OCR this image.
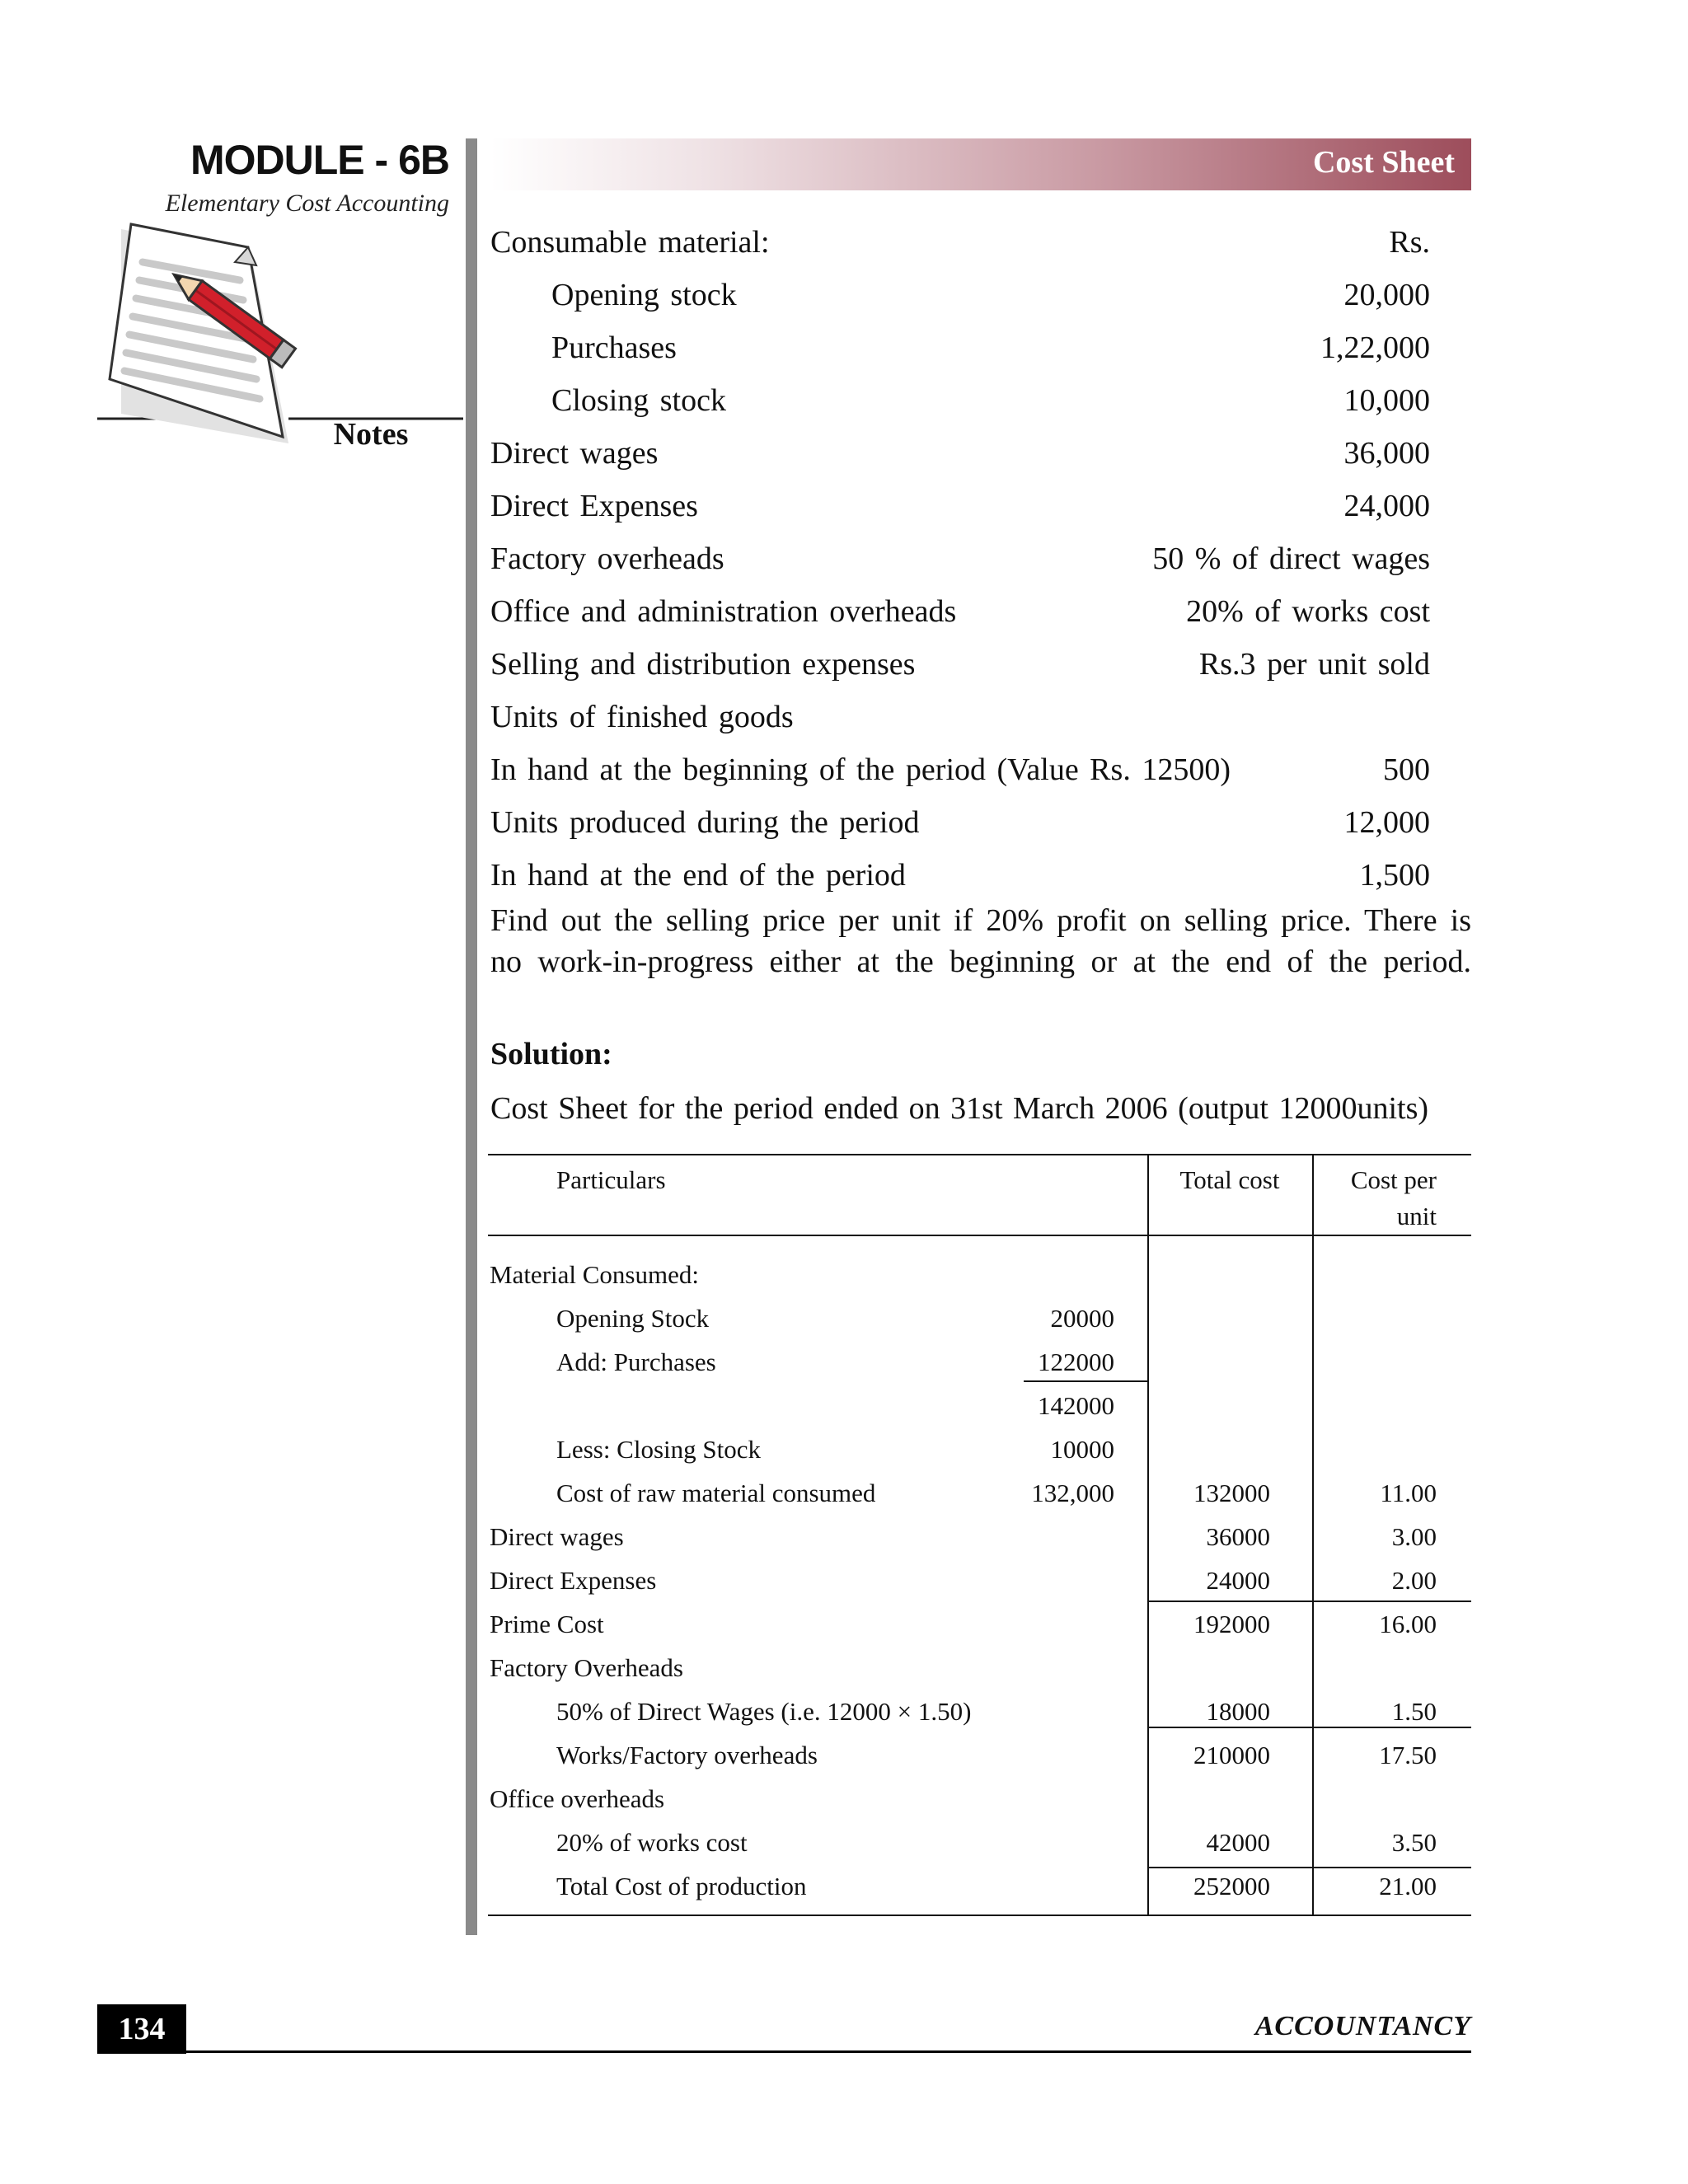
MODULE - 6B
Elementary Cost Accounting
Notes
Cost Sheet
Consumable material:	Rs.
Opening stock	20,000
Purchases	1,22,000
Closing stock	10,000
Direct wages	36,000
Direct Expenses	24,000
Factory overheads	50 % of direct wages
Office and administration overheads	20% of works cost
Selling and distribution expenses	Rs.3 per unit sold
Units of finished goods
In hand at the beginning of the period (Value Rs. 12500)	500
Units produced during the period	12,000
In hand at the end of the period	1,500
Find out the selling price per unit if 20% profit on selling price. There is
no work-in-progress either at the beginning or at the end of the period.
Solution:
Cost Sheet for the period ended on 31st March 2006 (output 12000units)
Particulars	Total cost	Cost per
unit
Material Consumed:
Opening Stock	20000
Add: Purchases	122000
142000
Less: Closing Stock	10000
Cost of raw material consumed	132,000	132000	11.00
Direct wages	36000	3.00
Direct Expenses	24000	2.00
Prime Cost	192000	16.00
Factory Overheads
50% of Direct Wages (i.e. 12000 × 1.50)	18000	1.50
Works/Factory overheads	210000	17.50
Office overheads
20% of works cost	42000	3.50
Total Cost of production	252000	21.00
134	ACCOUNTANCY
